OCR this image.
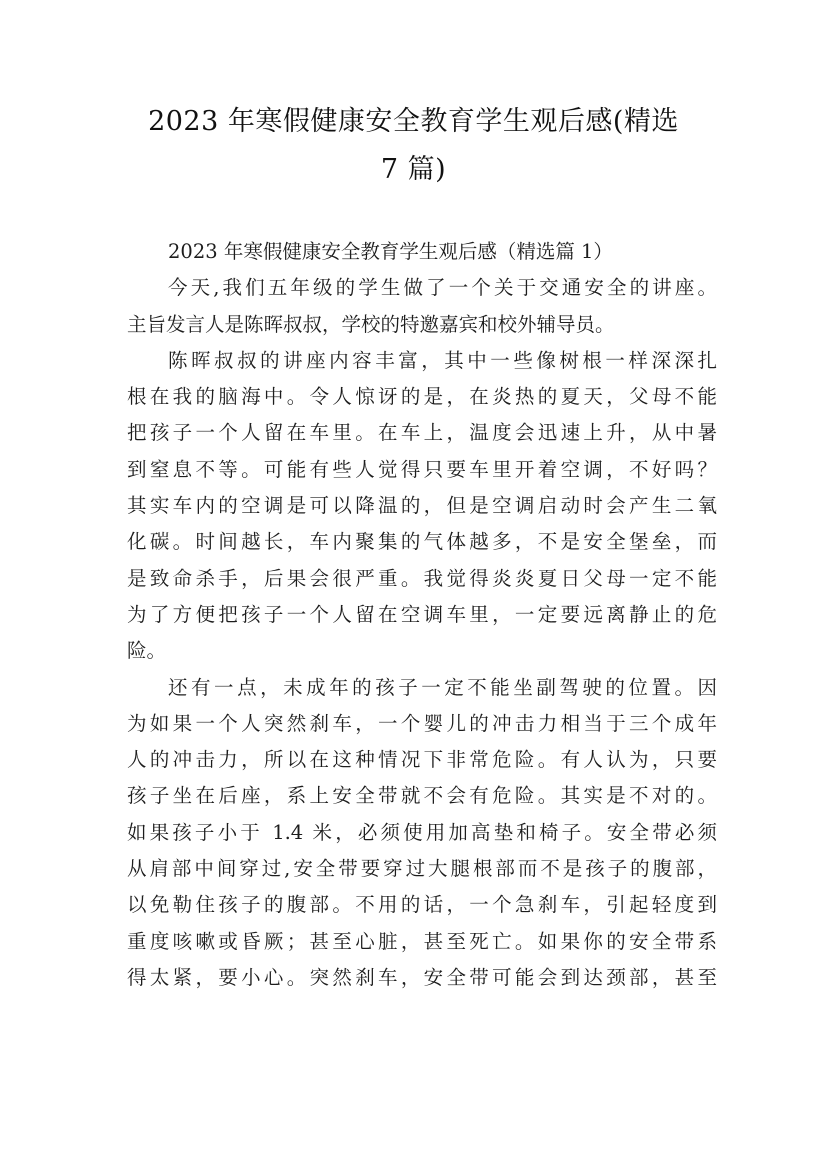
2023 年寒假健康安全教育学生观后感(精选
7 篇)
2023 年寒假健康安全教育学生观后感（精选篇 1）
今天,我们五年级的学生做了一个关于交通安全的讲座。
主旨发言人是陈晖叔叔，学校的特邀嘉宾和校外辅导员。
陈晖叔叔的讲座内容丰富，其中一些像树根一样深深扎
根在我的脑海中。令人惊讶的是，在炎热的夏天，父母不能
把孩子一个人留在车里。在车上，温度会迅速上升，从中暑
到窒息不等。可能有些人觉得只要车里开着空调，不好吗？
其实车内的空调是可以降温的，但是空调启动时会产生二氧
化碳。时间越长，车内聚集的气体越多，不是安全堡垒，而
是致命杀手，后果会很严重。我觉得炎炎夏日父母一定不能
为了方便把孩子一个人留在空调车里，一定要远离静止的危
险。
还有一点，未成年的孩子一定不能坐副驾驶的位置。因
为如果一个人突然刹车，一个婴儿的冲击力相当于三个成年
人的冲击力，所以在这种情况下非常危险。有人认为，只要
孩子坐在后座，系上安全带就不会有危险。其实是不对的。
如果孩子小于 1.4 米，必须使用加高垫和椅子。安全带必须
从肩部中间穿过,安全带要穿过大腿根部而不是孩子的腹部，
以免勒住孩子的腹部。不用的话，一个急刹车，引起轻度到
重度咳嗽或昏厥；甚至心脏，甚至死亡。如果你的安全带系
得太紧，要小心。突然刹车，安全带可能会到达颈部，甚至
